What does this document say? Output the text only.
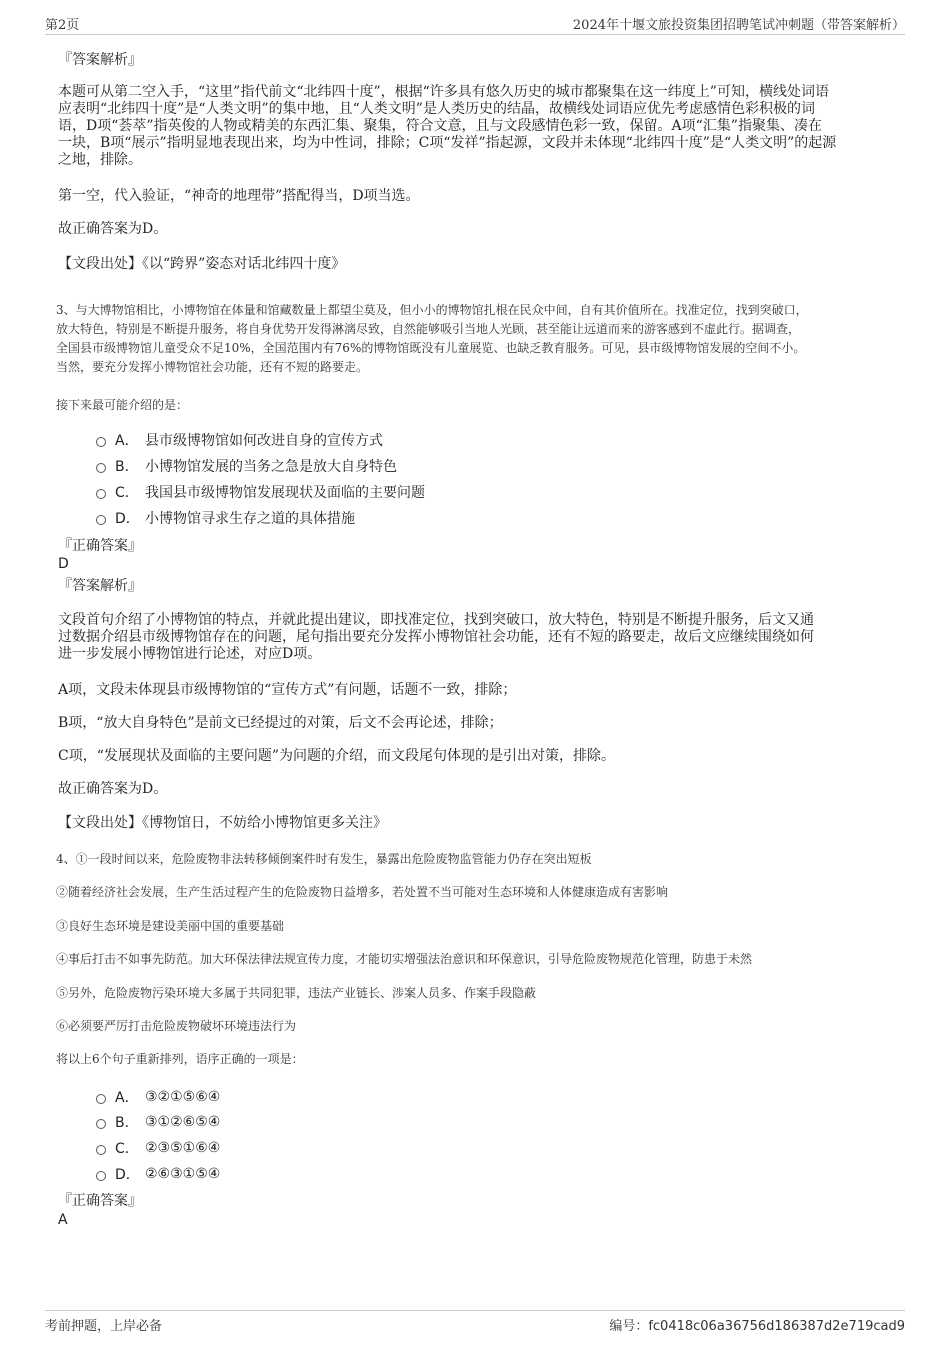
第2页	2024年十堰文旅投资集团招聘笔试冲刺题（带答案解析）
『答案解析』
本题可从第二空入手，“这里”指代前文“北纬四十度”，根据“许多具有悠久历史的城市都聚集在这一纬度上”可知，横线处词语
应表明“北纬四十度”是“人类文明”的集中地，且“人类文明”是人类历史的结晶，故横线处词语应优先考虑感情色彩积极的词
语，D项“荟萃”指英俊的人物或精美的东西汇集、聚集，符合文意，且与文段感情色彩一致，保留。A项“汇集”指聚集、凑在
一块，B项“展示”指明显地表现出来，均为中性词，排除；C项“发祥”指起源，文段并未体现“北纬四十度”是“人类文明”的起源
之地，排除。
第一空，代入验证，“神奇的地理带”搭配得当，D项当选。
故正确答案为D。
【文段出处】《以“跨界”姿态对话北纬四十度》
3、与大博物馆相比，小博物馆在体量和馆藏数量上都望尘莫及，但小小的博物馆扎根在民众中间，自有其价值所在。找准定位，找到突破口，
放大特色，特别是不断提升服务，将自身优势开发得淋漓尽致，自然能够吸引当地人光顾，甚至能让远道而来的游客感到不虚此行。据调查，
全国县市级博物馆儿童受众不足10%，全国范围内有76%的博物馆既没有儿童展览、也缺乏教育服务。可见，县市级博物馆发展的空间不小。
当然，要充分发挥小博物馆社会功能，还有不短的路要走。
接下来最可能介绍的是：
A． 县市级博物馆如何改进自身的宣传方式
B． 小博物馆发展的当务之急是放大自身特色
C． 我国县市级博物馆发展现状及面临的主要问题
D． 小博物馆寻求生存之道的具体措施
『正确答案』
D
『答案解析』
文段首句介绍了小博物馆的特点，并就此提出建议，即找准定位，找到突破口，放大特色，特别是不断提升服务，后文又通
过数据介绍县市级博物馆存在的问题，尾句指出要充分发挥小博物馆社会功能，还有不短的路要走，故后文应继续围绕如何
进一步发展小博物馆进行论述，对应D项。
A项，文段未体现县市级博物馆的“宣传方式”有问题，话题不一致，排除；
B项，“放大自身特色”是前文已经提过的对策，后文不会再论述，排除；
C项，“发展现状及面临的主要问题”为问题的介绍，而文段尾句体现的是引出对策，排除。
故正确答案为D。
【文段出处】《博物馆日，不妨给小博物馆更多关注》
4、①一段时间以来，危险废物非法转移倾倒案件时有发生，暴露出危险废物监管能力仍存在突出短板
②随着经济社会发展，生产生活过程产生的危险废物日益增多，若处置不当可能对生态环境和人体健康造成有害影响
③良好生态环境是建设美丽中国的重要基础
④事后打击不如事先防范。加大环保法律法规宣传力度，才能切实增强法治意识和环保意识，引导危险废物规范化管理，防患于未然
⑤另外，危险废物污染环境大多属于共同犯罪，违法产业链长、涉案人员多、作案手段隐蔽
⑥必须要严厉打击危险废物破坏环境违法行为
将以上6个句子重新排列，语序正确的一项是：
A． ③②①⑤⑥④
B． ③①②⑥⑤④
C． ②③⑤①⑥④
D． ②⑥③①⑤④
『正确答案』
A
考前押题，上岸必备	编号：fc0418c06a36756d186387d2e719cad9
